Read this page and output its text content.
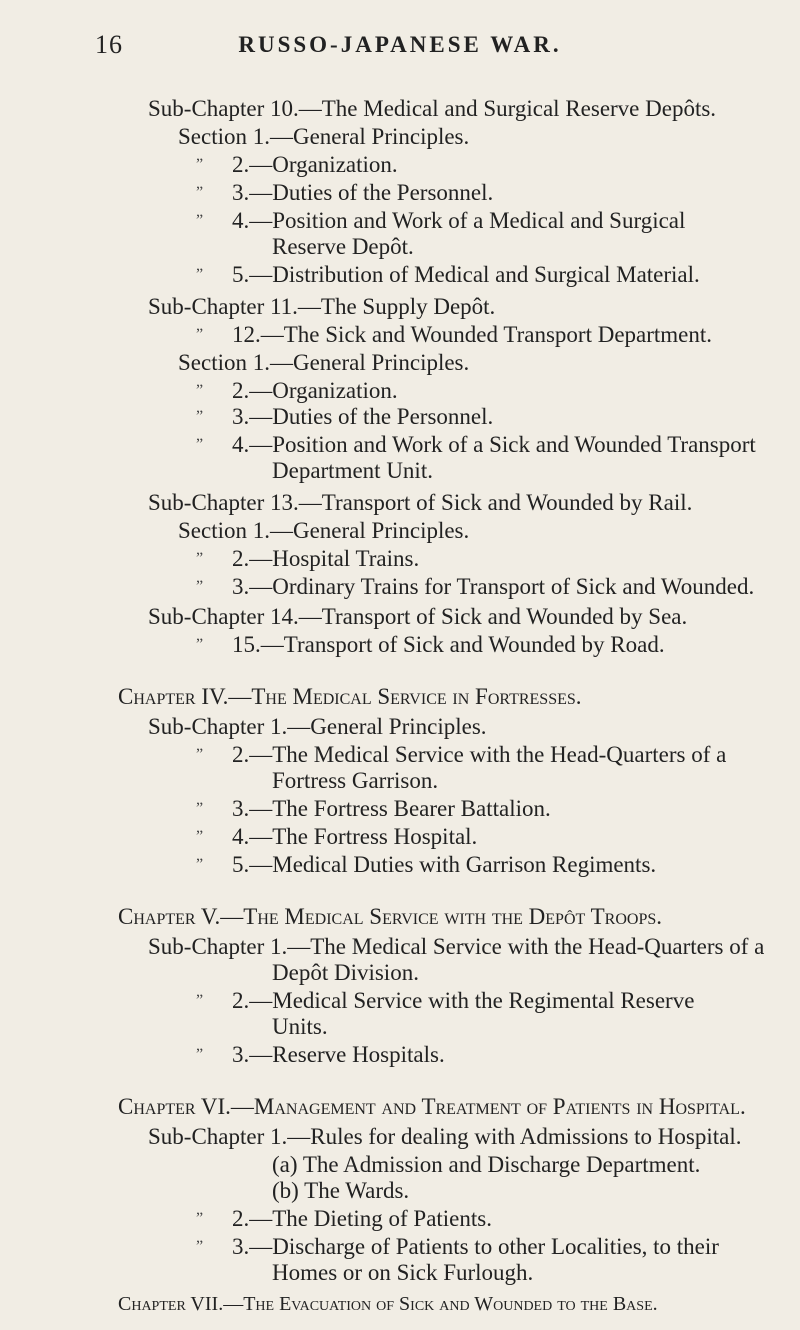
16	RUSSO-JAPANESE WAR.
Sub-Chapter 10.—The Medical and Surgical Reserve Depôts.
Section 1.—General Principles.
” 2.—Organization.
” 3.—Duties of the Personnel.
” 4.—Position and Work of a Medical and Surgical
Reserve Depôt.
” 5.—Distribution of Medical and Surgical Material.
Sub-Chapter 11.—The Supply Depôt.
” 12.—The Sick and Wounded Transport Department.
Section 1.—General Principles.
” 2.—Organization.
” 3.—Duties of the Personnel.
” 4.—Position and Work of a Sick and Wounded Transport
Department Unit.
Sub-Chapter 13.—Transport of Sick and Wounded by Rail.
Section 1.—General Principles.
” 2.—Hospital Trains.
” 3.—Ordinary Trains for Transport of Sick and Wounded.
Sub-Chapter 14.—Transport of Sick and Wounded by Sea.
” 15.—Transport of Sick and Wounded by Road.
Chapter IV.—The Medical Service in Fortresses.
Sub-Chapter 1.—General Principles.
” 2.—The Medical Service with the Head-Quarters of a
Fortress Garrison.
” 3.—The Fortress Bearer Battalion.
” 4.—The Fortress Hospital.
” 5.—Medical Duties with Garrison Regiments.
Chapter V.—The Medical Service with the Depôt Troops.
Sub-Chapter 1.—The Medical Service with the Head-Quarters of a
Depôt Division.
” 2.—Medical Service with the Regimental Reserve
Units.
” 3.—Reserve Hospitals.
Chapter VI.—Management and Treatment of Patients in Hospital.
Sub-Chapter 1.—Rules for dealing with Admissions to Hospital.
(a) The Admission and Discharge Department.
(b) The Wards.
” 2.—The Dieting of Patients.
” 3.—Discharge of Patients to other Localities, to their
Homes or on Sick Furlough.
Chapter VII.—The Evacuation of Sick and Wounded to the Base.
